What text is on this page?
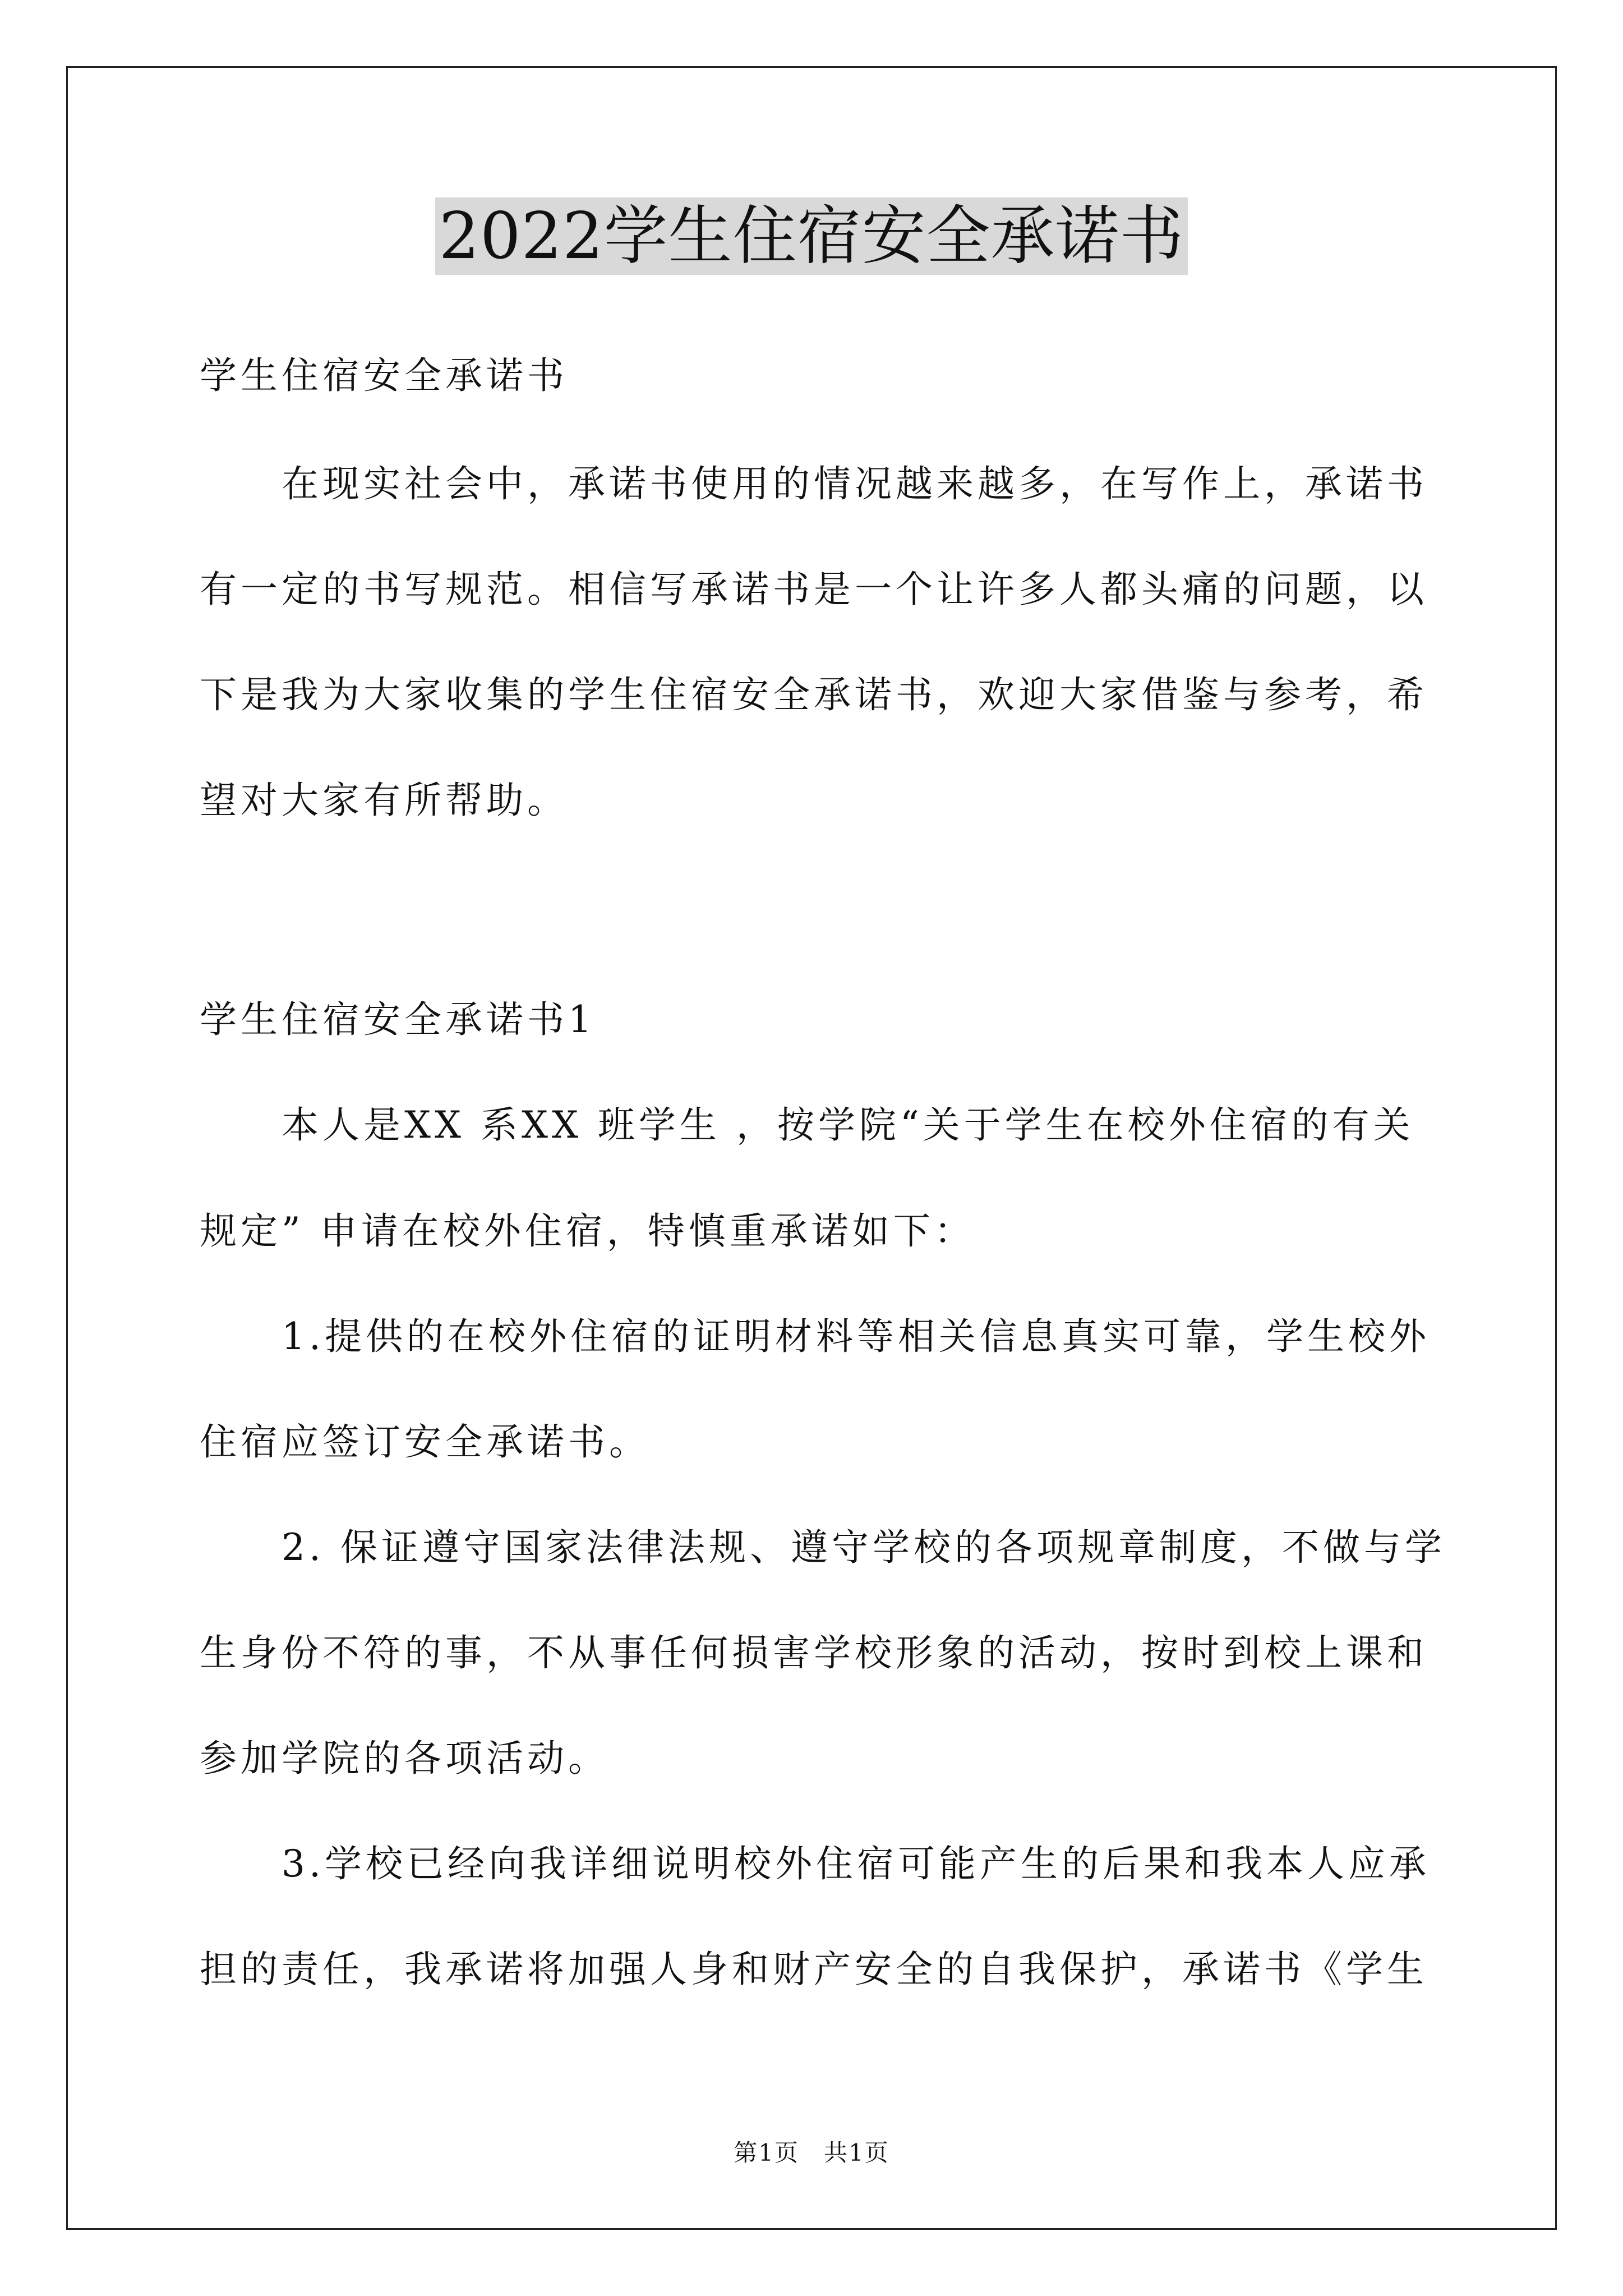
2022学生住宿安全承诺书
学生住宿安全承诺书
　　在现实社会中，承诺书使用的情况越来越多，在写作上，承诺书
有一定的书写规范。相信写承诺书是一个让许多人都头痛的问题，以
下是我为大家收集的学生住宿安全承诺书，欢迎大家借鉴与参考，希
望对大家有所帮助。
学生住宿安全承诺书1
　　本人是XX 系XX 班学生 ，按学院“关于学生在校外住宿的有关
规定” 申请在校外住宿，特慎重承诺如下：
　　1.提供的在校外住宿的证明材料等相关信息真实可靠，学生校外
住宿应签订安全承诺书。
　　2. 保证遵守国家法律法规、遵守学校的各项规章制度，不做与学
生身份不符的事，不从事任何损害学校形象的活动，按时到校上课和
参加学院的各项活动。
　　3.学校已经向我详细说明校外住宿可能产生的后果和我本人应承
担的责任，我承诺将加强人身和财产安全的自我保护，承诺书《学生
第1页　共1页
